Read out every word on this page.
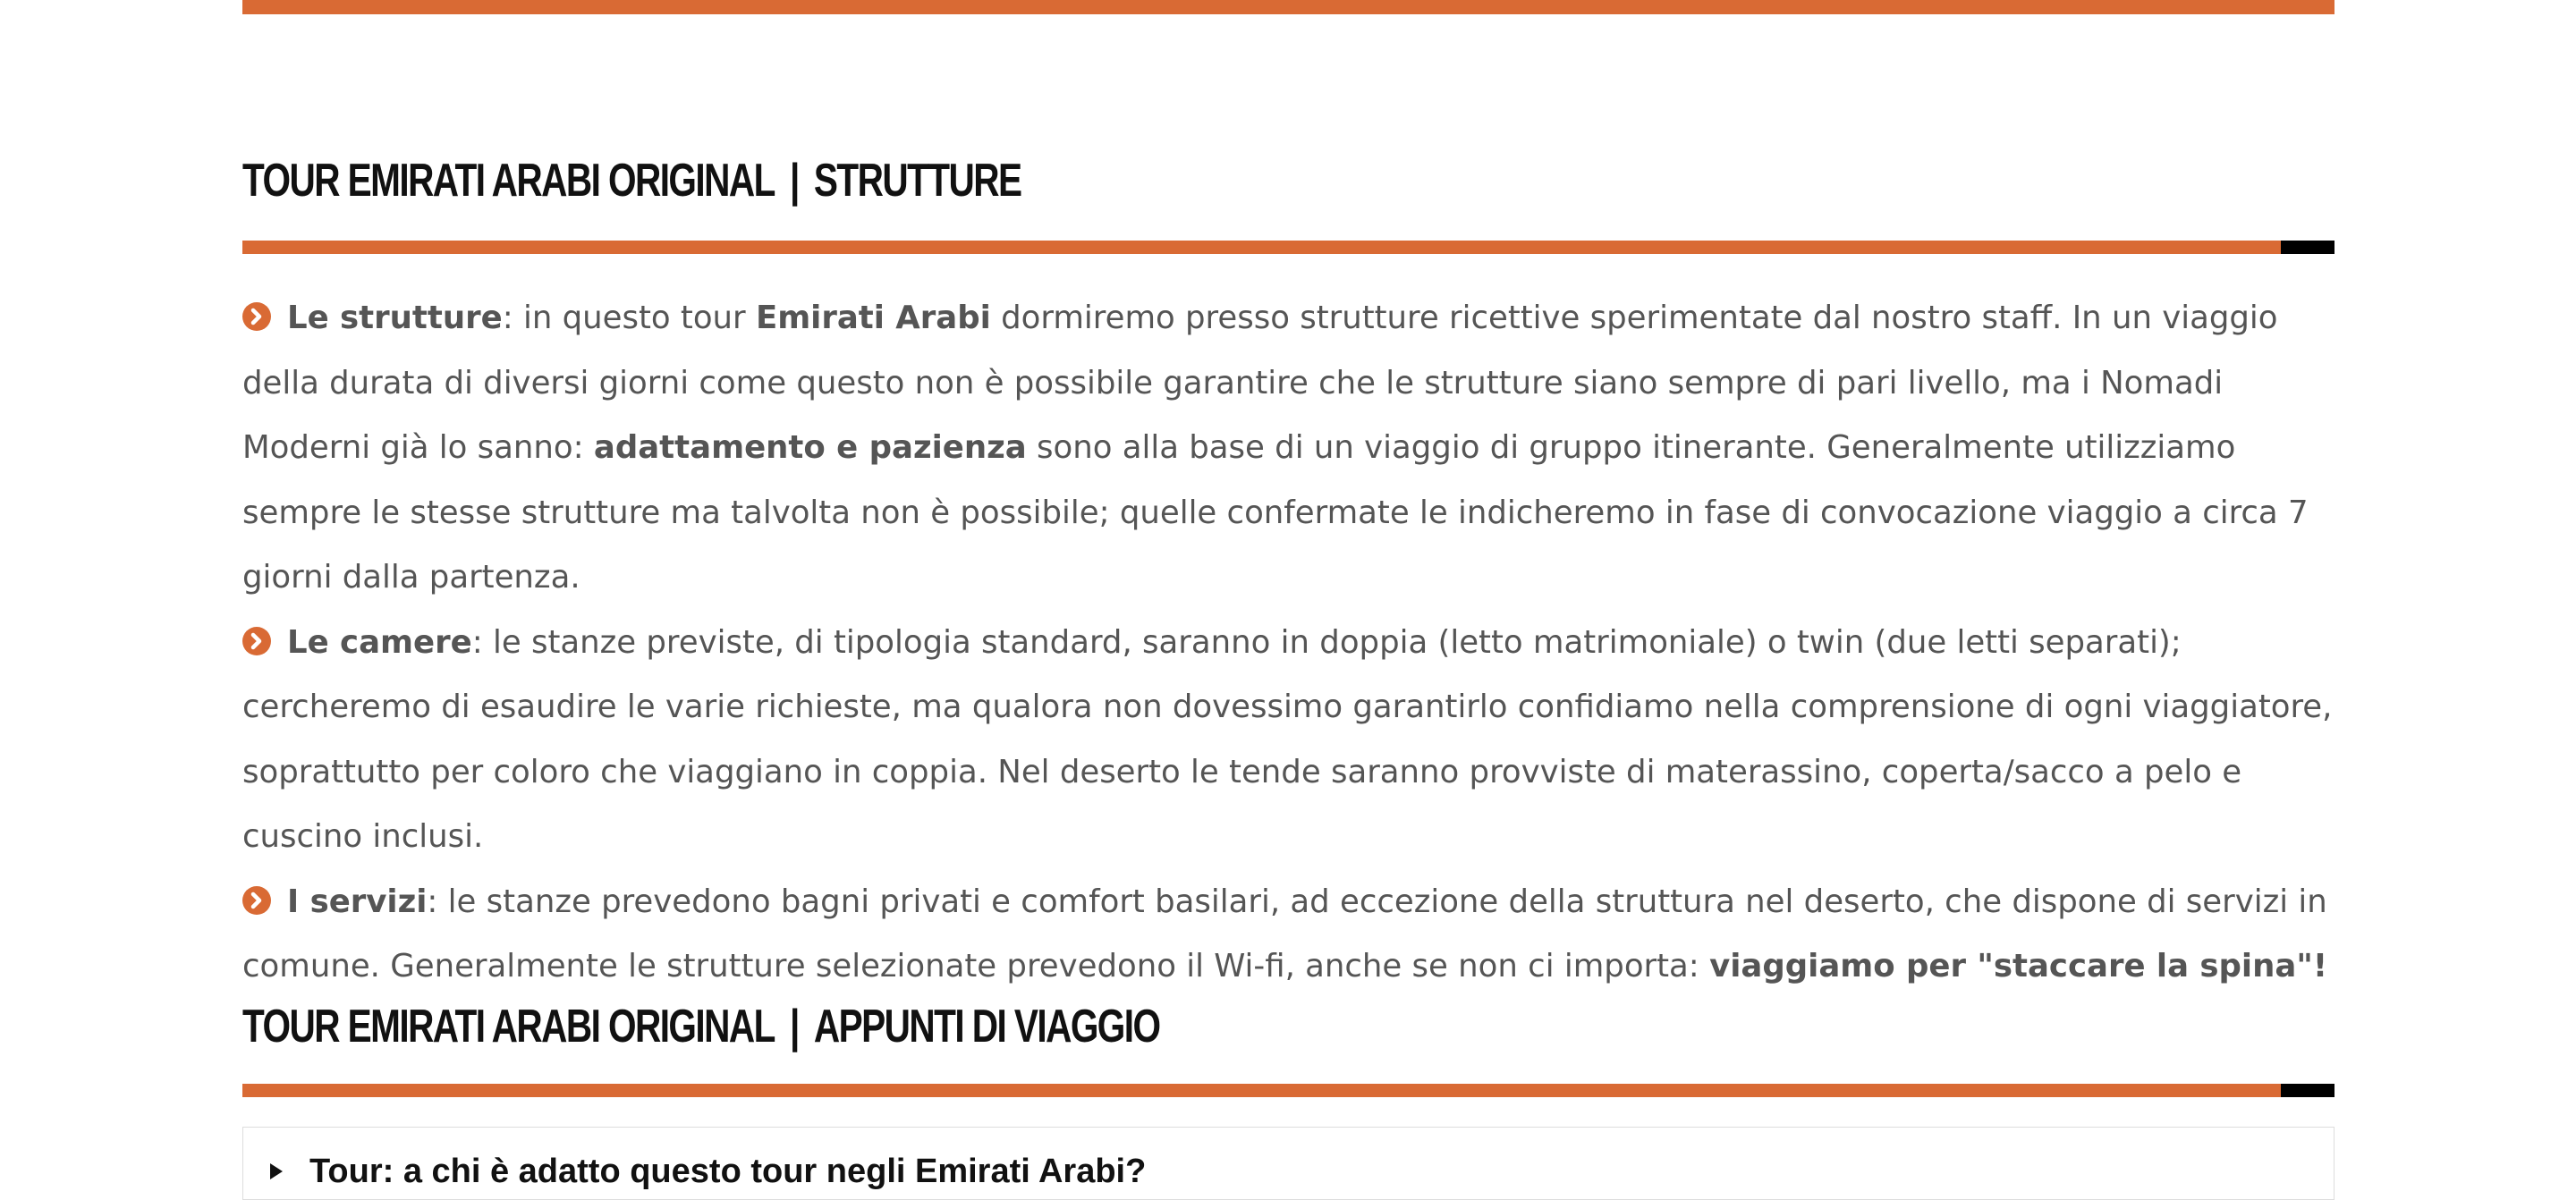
TOUR EMIRATI ARABI ORIGINAL | STRUTTURE

Le strutture: in questo tour Emirati Arabi dormiremo presso strutture ricettive sperimentate dal nostro staff. In un viaggio della durata di diversi giorni come questo non è possibile garantire che le strutture siano sempre di pari livello, ma i Nomadi Moderni già lo sanno: adattamento e pazienza sono alla base di un viaggio di gruppo itinerante. Generalmente utilizziamo sempre le stesse strutture ma talvolta non è possibile; quelle confermate le indicheremo in fase di convocazione viaggio a circa 7 giorni dalla partenza.

Le camere: le stanze previste, di tipologia standard, saranno in doppia (letto matrimoniale) o twin (due letti separati); cercheremo di esaudire le varie richieste, ma qualora non dovessimo garantirlo confidiamo nella comprensione di ogni viaggiatore, soprattutto per coloro che viaggiano in coppia. Nel deserto le tende saranno provviste di materassino, coperta/sacco a pelo e cuscino inclusi.

I servizi: le stanze prevedono bagni privati e comfort basilari, ad eccezione della struttura nel deserto, che dispone di servizi in comune. Generalmente le strutture selezionate prevedono il Wi-fi, anche se non ci importa: viaggiamo per "staccare la spina"!

TOUR EMIRATI ARABI ORIGINAL | APPUNTI DI VIAGGIO
Tour: a chi è adatto questo tour negli Emirati Arabi?
